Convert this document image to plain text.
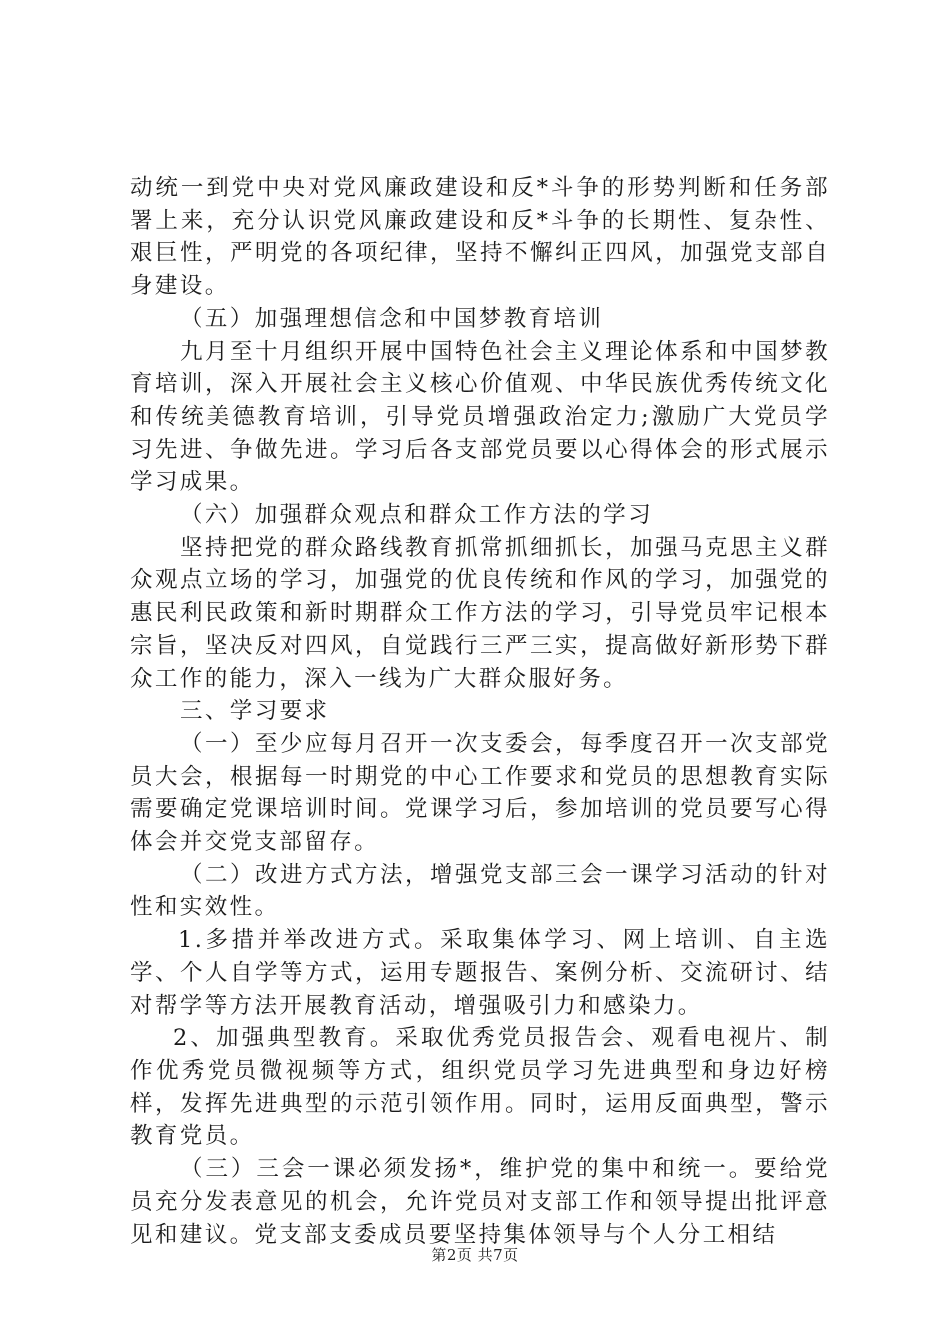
动统一到党中央对党风廉政建设和反*斗争的形势判断和任务部署上来，充分认识党风廉政建设和反*斗争的长期性、复杂性、艰巨性，严明党的各项纪律，坚持不懈纠正四风，加强党支部自身建设。

（五）加强理想信念和中国梦教育培训

九月至十月组织开展中国特色社会主义理论体系和中国梦教育培训，深入开展社会主义核心价值观、中华民族优秀传统文化和传统美德教育培训，引导党员增强政治定力;激励广大党员学习先进、争做先进。学习后各支部党员要以心得体会的形式展示学习成果。

（六）加强群众观点和群众工作方法的学习

坚持把党的群众路线教育抓常抓细抓长，加强马克思主义群众观点立场的学习，加强党的优良传统和作风的学习，加强党的惠民利民政策和新时期群众工作方法的学习，引导党员牢记根本宗旨，坚决反对四风，自觉践行三严三实，提高做好新形势下群众工作的能力，深入一线为广大群众服好务。

三、学习要求

（一）至少应每月召开一次支委会，每季度召开一次支部党员大会，根据每一时期党的中心工作要求和党员的思想教育实际需要确定党课培训时间。党课学习后，参加培训的党员要写心得体会并交党支部留存。

（二）改进方式方法，增强党支部三会一课学习活动的针对性和实效性。

1.多措并举改进方式。采取集体学习、网上培训、自主选学、个人自学等方式，运用专题报告、案例分析、交流研讨、结对帮学等方法开展教育活动，增强吸引力和感染力。

2、加强典型教育。采取优秀党员报告会、观看电视片、制作优秀党员微视频等方式，组织党员学习先进典型和身边好榜样，发挥先进典型的示范引领作用。同时，运用反面典型，警示教育党员。

（三）三会一课必须发扬*，维护党的集中和统一。要给党员充分发表意见的机会，允许党员对支部工作和领导提出批评意见和建议。党支部支委成员要坚持集体领导与个人分工相结

第2页 共7页
